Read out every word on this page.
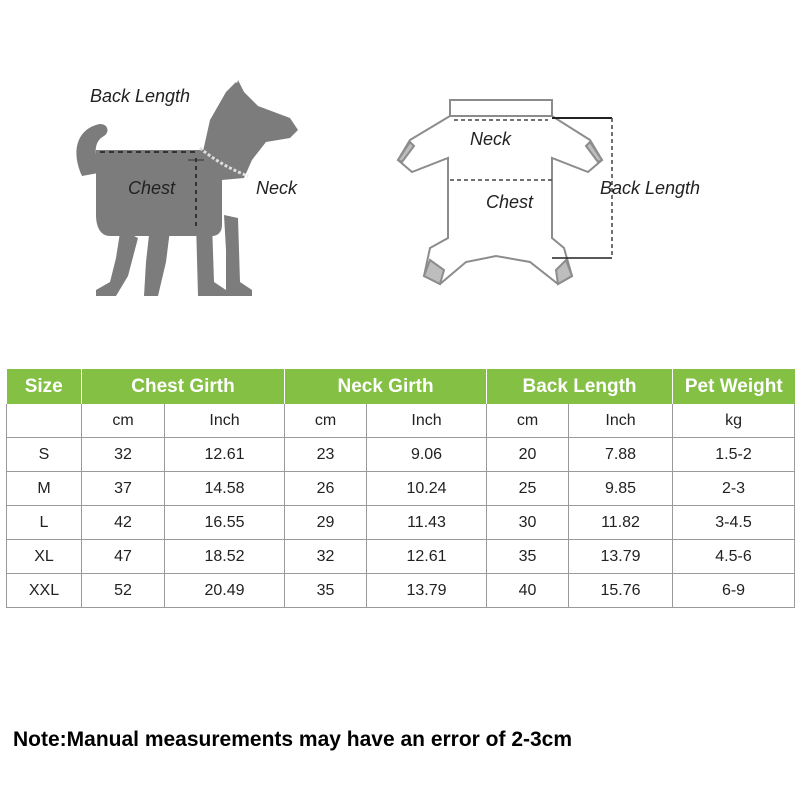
Back Length
Chest	Neck
Neck
Chest
Back Length
Size	Chest Girth		Neck Girth		Back Length		Pet Weight
	cm	Inch	cm	Inch	cm	Inch	kg
S	32	12.61	23	9.06	20	7.88	1.5-2
M	37	14.58	26	10.24	25	9.85	2-3
L	42	16.55	29	11.43	30	11.82	3-4.5
XL	47	18.52	32	12.61	35	13.79	4.5-6
XXL	52	20.49	35	13.79	40	15.76	6-9
Note:Manual measurements may have an error of 2-3cm
